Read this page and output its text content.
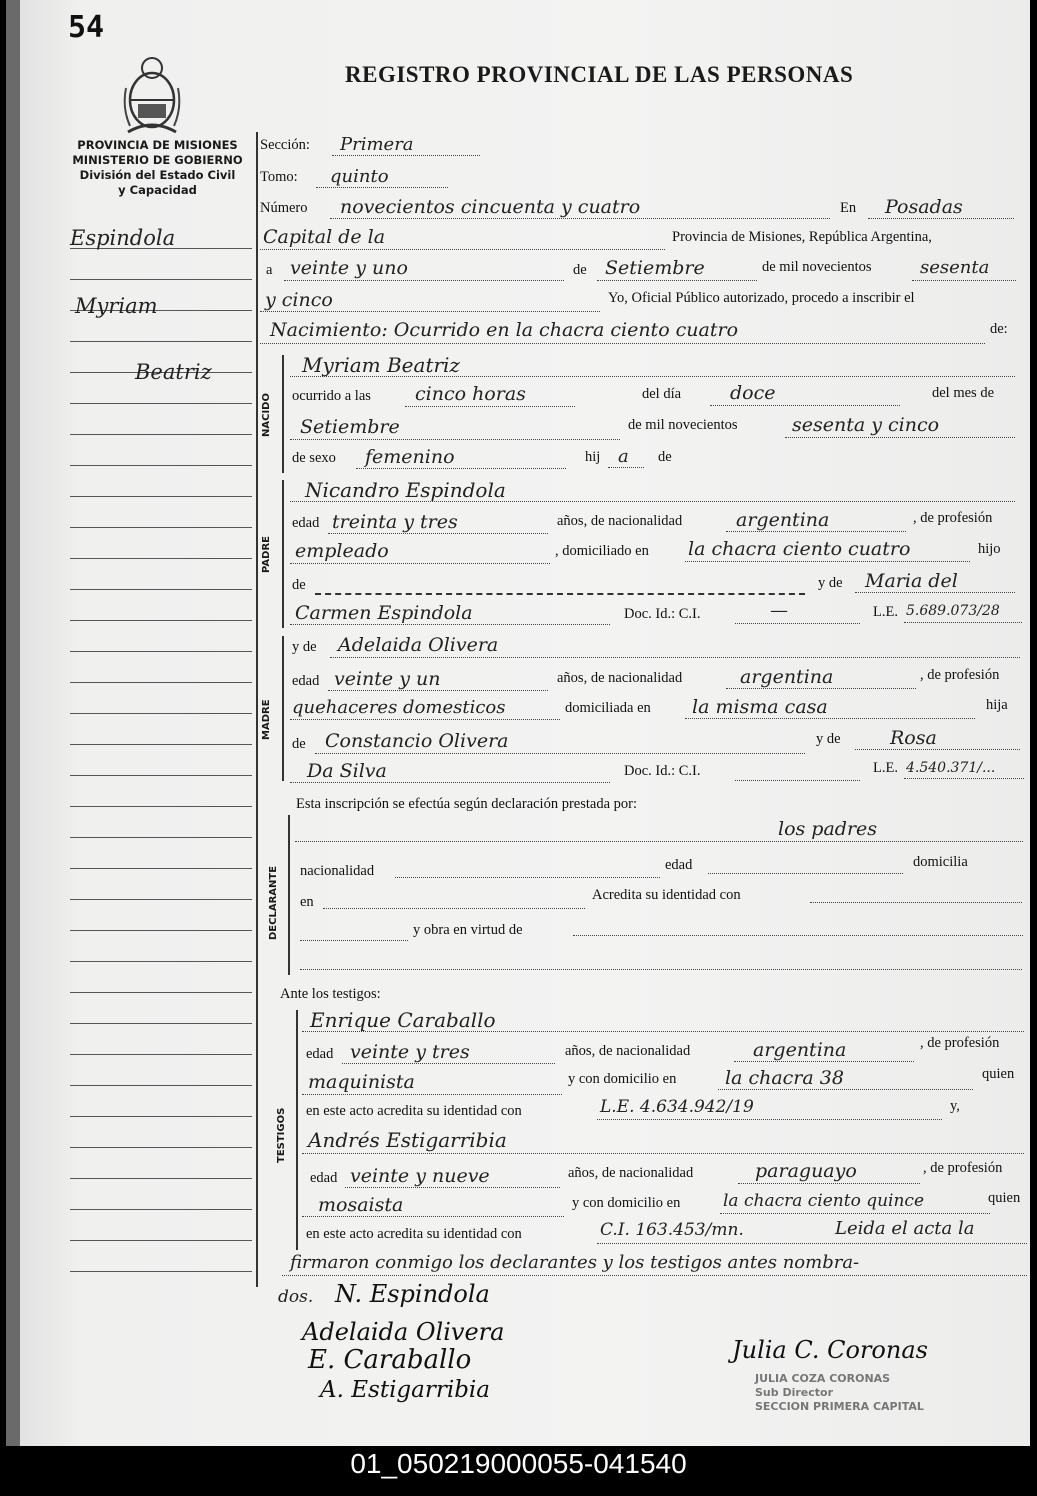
54
REGISTRO PROVINCIAL DE LAS PERSONAS
PROVINCIA DE MISIONES
MINISTERIO DE GOBIERNO
División del Estado Civil
y Capacidad
Espindola
Myriam
Beatriz
Sección: Primera
Tomo: quinto
Número novecientos cincuenta y cuatro	En Posadas
Capital de la	Provincia de Misiones, República Argentina,
a veinte y uno	de Setiembre	de mil novecientos	sesenta
y cinco	Yo, Oficial Público autorizado, procedo a inscribir el
Nacimiento: Ocurrido en la chacra ciento cuatro	de:
NACIDO
Myriam Beatriz
ocurrido a las cinco horas	del día	doce	del mes de
Setiembre	de mil novecientos	sesenta y cinco
de sexo femenino	hij a de
PADRE
Nicandro Espindola
edad treinta y tres	años, de nacionalidad	argentina	, de profesión
empleado	, domiciliado en la chacra ciento cuatro	hijo
de	y de Maria del
Carmen Espindola	Doc. Id.: C.I.	—	L.E. 5.689.073/28
MADRE
y de Adelaida Olivera
edad veinte y un	años, de nacionalidad	argentina	, de profesión
quehaceres domesticos	domiciliada en la misma casa	hija
de Constancio Olivera	y de	Rosa
Da Silva	Doc. Id.: C.I.	L.E. 4.540.371/...
Esta inscripción se efectúa según declaración prestada por:
DECLARANTE
los padres
nacionalidad	edad	domicilia
en	Acredita su identidad con
y obra en virtud de
Ante los testigos:
TESTIGOS
Enrique Caraballo
edad veinte y tres	años, de nacionalidad	argentina	, de profesión
maquinista	y con domicilio en	la chacra 38	quien
en este acto acredita su identidad con	L.E. 4.634.942/19	y,
Andrés Estigarribia
edad veinte y nueve	años, de nacionalidad	paraguayo	, de profesión
mosaista	y con domicilio en	la chacra ciento quince	quien
en este acto acredita su identidad con	C.I. 163.453/mn.	Leida el acta la
firmaron conmigo los declarantes y los testigos antes nombra-
dos. N. Espindola
Adelaida Olivera
E. Caraballo
A. Estigarribia
Julia C. Coronas
JULIA COZA CORONAS
Sub Director
SECCION PRIMERA CAPITAL
01_050219000055-041540
